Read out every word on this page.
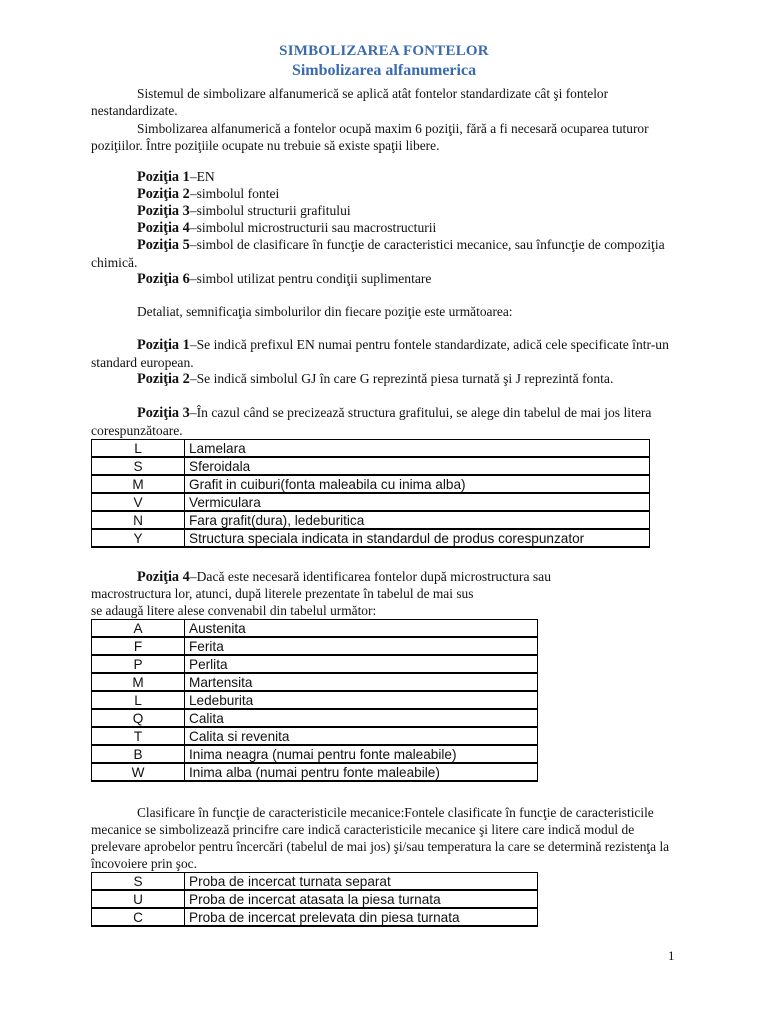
SIMBOLIZAREA FONTELOR
Simbolizarea alfanumerica
Sistemul de simbolizare alfanumerică se aplică atât fontelor standardizate cât şi fontelor nestandardizate.
Simbolizarea alfanumerică a fontelor ocupă maxim 6 poziţii, fără a fi necesară ocuparea tuturor poziţiilor. Între poziţiile ocupate nu trebuie să existe spaţii libere.
Poziţia 1–EN
Poziţia 2–simbolul fontei
Poziţia 3–simbolul structurii grafitului
Poziţia 4–simbolul microstructurii sau macrostructurii
Poziţia 5–simbol de clasificare în funcţie de caracteristici mecanice, sau înfuncţie de compoziţia chimică.
Poziţia 6–simbol utilizat pentru condiţii suplimentare
Detaliat, semnificaţia simbolurilor din fiecare poziţie este următoarea:
Poziţia 1–Se indică prefixul EN numai pentru fontele standardizate, adică cele specificate într-un standard european.
Poziţia 2–Se indică simbolul GJ în care G reprezintă piesa turnată şi J reprezintă fonta.
Poziţia 3–În cazul când se precizează structura grafitului, se alege din tabelul de mai jos litera corespunzătoare.
L	Lamelara
S	Sferoidala
M	Grafit in cuiburi(fonta maleabila cu inima alba)
V	Vermiculara
N	Fara grafit(dura), ledeburitica
Y	Structura speciala indicata in standardul de produs corespunzator
Poziţia 4–Dacă este necesară identificarea fontelor după microstructura sau
macrostructura lor, atunci, după literele prezentate în tabelul de mai sus
se adaugă litere alese convenabil din tabelul următor:
A	Austenita
F	Ferita
P	Perlita
M	Martensita
L	Ledeburita
Q	Calita
T	Calita si revenita
B	Inima neagra (numai pentru fonte maleabile)
W	Inima alba (numai pentru fonte maleabile)
Clasificare în funcţie de caracteristicile mecanice:Fontele clasificate în funcţie de caracteristicile mecanice se simbolizează princifre care indică caracteristicile mecanice şi litere care indică modul de prelevare aprobelor pentru încercări (tabelul de mai jos) şi/sau temperatura la care se determină rezistenţa la încovoiere prin şoc.
S	Proba de incercat turnata separat
U	Proba de incercat atasata la piesa turnata
C	Proba de incercat prelevata din piesa turnata
1
